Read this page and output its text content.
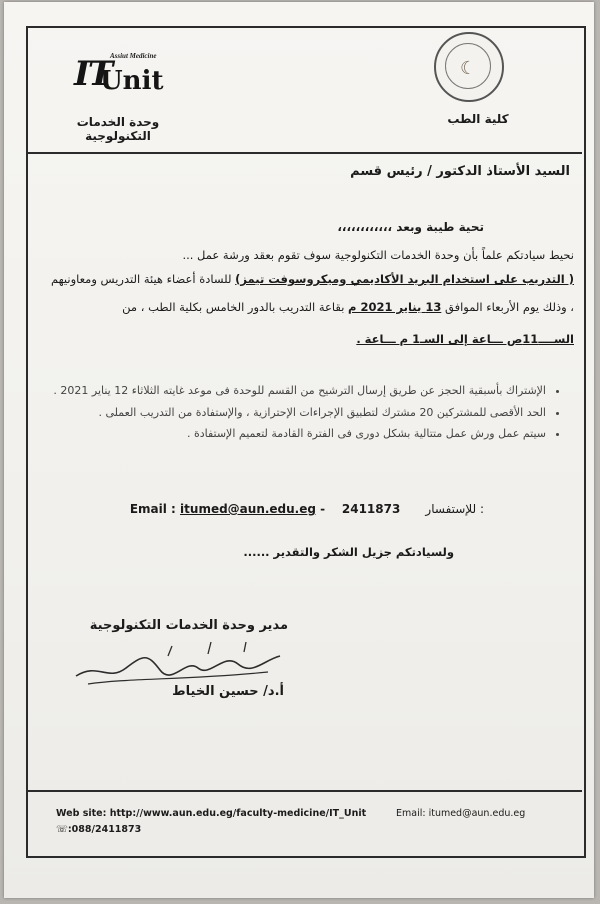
IT
Unit
Assiut Medicine
وحدة الخدمات التكنولوجية
☾
كلية الطب
السيد الأستاذ الدكتور / رئيس قسم
تحية طيبة وبعد ،،،،،،،،،،،،
نحيط سيادتكم علماً بأن وحدة الخدمات التكنولوجية سوف تقوم بعقد ورشة عمل ...
( التدريب على استخدام البريد الأكاديمي وميكروسوفت تيمز) للسادة أعضاء هيئة التدريس ومعاونيهم
، وذلك يوم الأربعاء الموافق 13 يناير 2021 م بقاعة التدريب بالدور الخامس بكلية الطب ، من
الســــ11ص ـــاعة إلى السـ1 م ـــاعة .
• الإشتراك بأسبقية الحجز عن طريق إرسال الترشيح من القسم للوحدة فى موعد غايته الثلاثاء 12 يناير 2021 .
• الحد الأقصى للمشتركين 20 مشترك لتطبيق الإجراءات الإحترازية ، والإستفادة من التدريب العملى .
• سيتم عمل ورش عمل متتالية بشكل دورى فى الفترة القادمة لتعميم الإستفادة .
Email : itumed@aun.edu.eg -    2411873 للإستفسار :
ولسيادتكم جزيل الشكر والتقدير ......
مدير وحدة الخدمات التكنولوجية
أ.د/ حسين الخياط
Web site: http://www.aun.edu.eg/faculty-medicine/IT_Unit	Email: itumed@aun.edu.eg
☏:088/2411873
